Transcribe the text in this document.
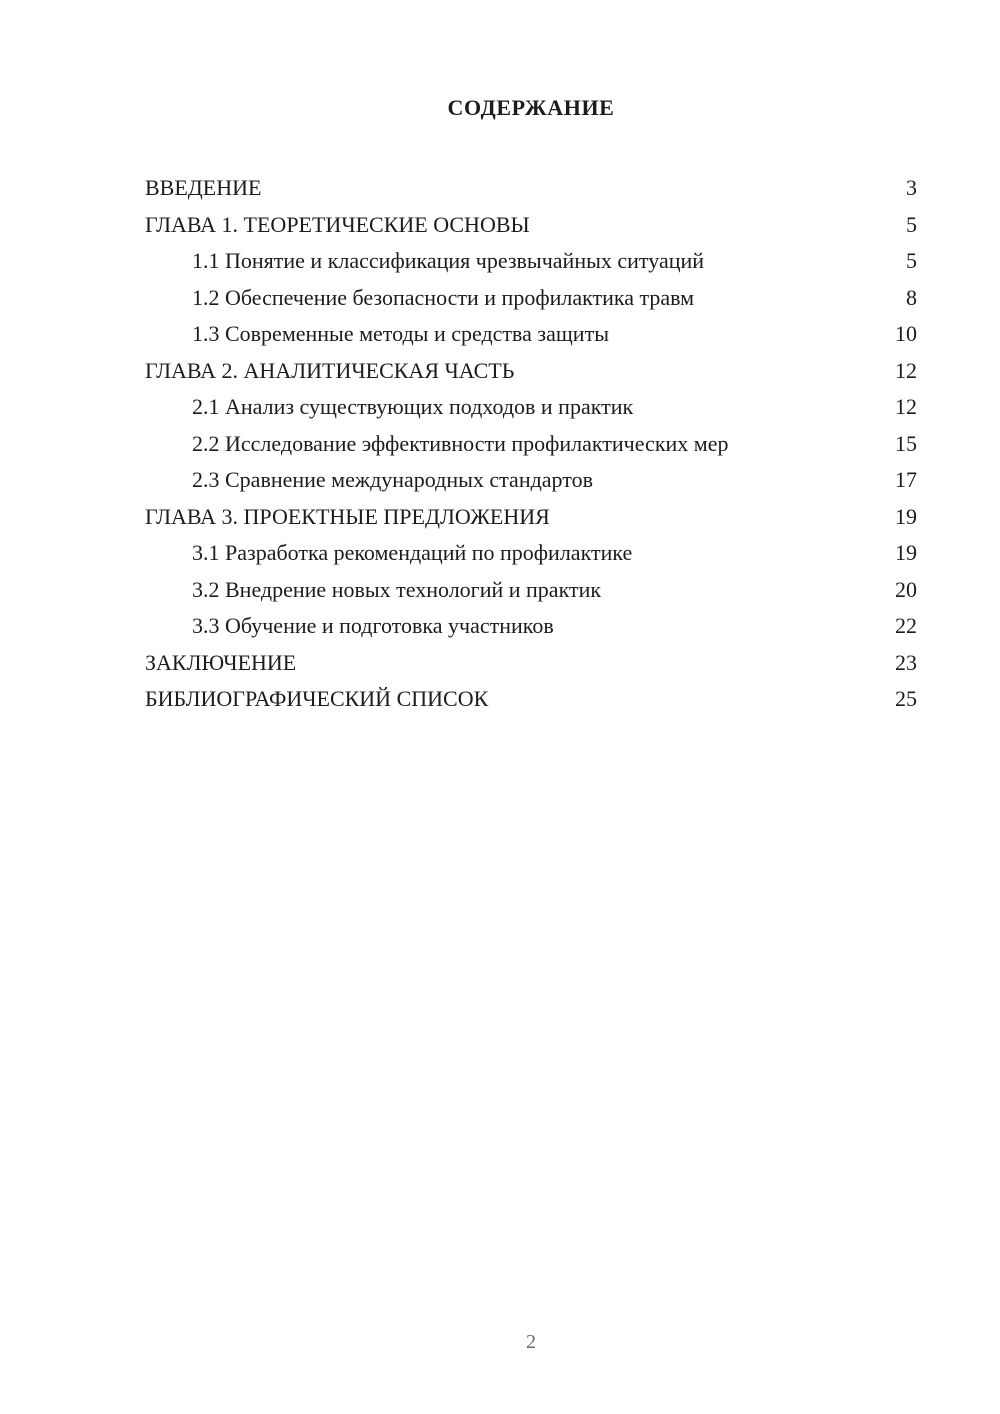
СОДЕРЖАНИЕ
ВВЕДЕНИЕ	3
ГЛАВА 1. ТЕОРЕТИЧЕСКИЕ ОСНОВЫ	5
1.1 Понятие и классификация чрезвычайных ситуаций	5
1.2 Обеспечение безопасности и профилактика травм	8
1.3 Современные методы и средства защиты	10
ГЛАВА 2. АНАЛИТИЧЕСКАЯ ЧАСТЬ	12
2.1 Анализ существующих подходов и практик	12
2.2 Исследование эффективности профилактических мер	15
2.3 Сравнение международных стандартов	17
ГЛАВА 3. ПРОЕКТНЫЕ ПРЕДЛОЖЕНИЯ	19
3.1 Разработка рекомендаций по профилактике	19
3.2 Внедрение новых технологий и практик	20
3.3 Обучение и подготовка участников	22
ЗАКЛЮЧЕНИЕ	23
БИБЛИОГРАФИЧЕСКИЙ СПИСОК	25
2
